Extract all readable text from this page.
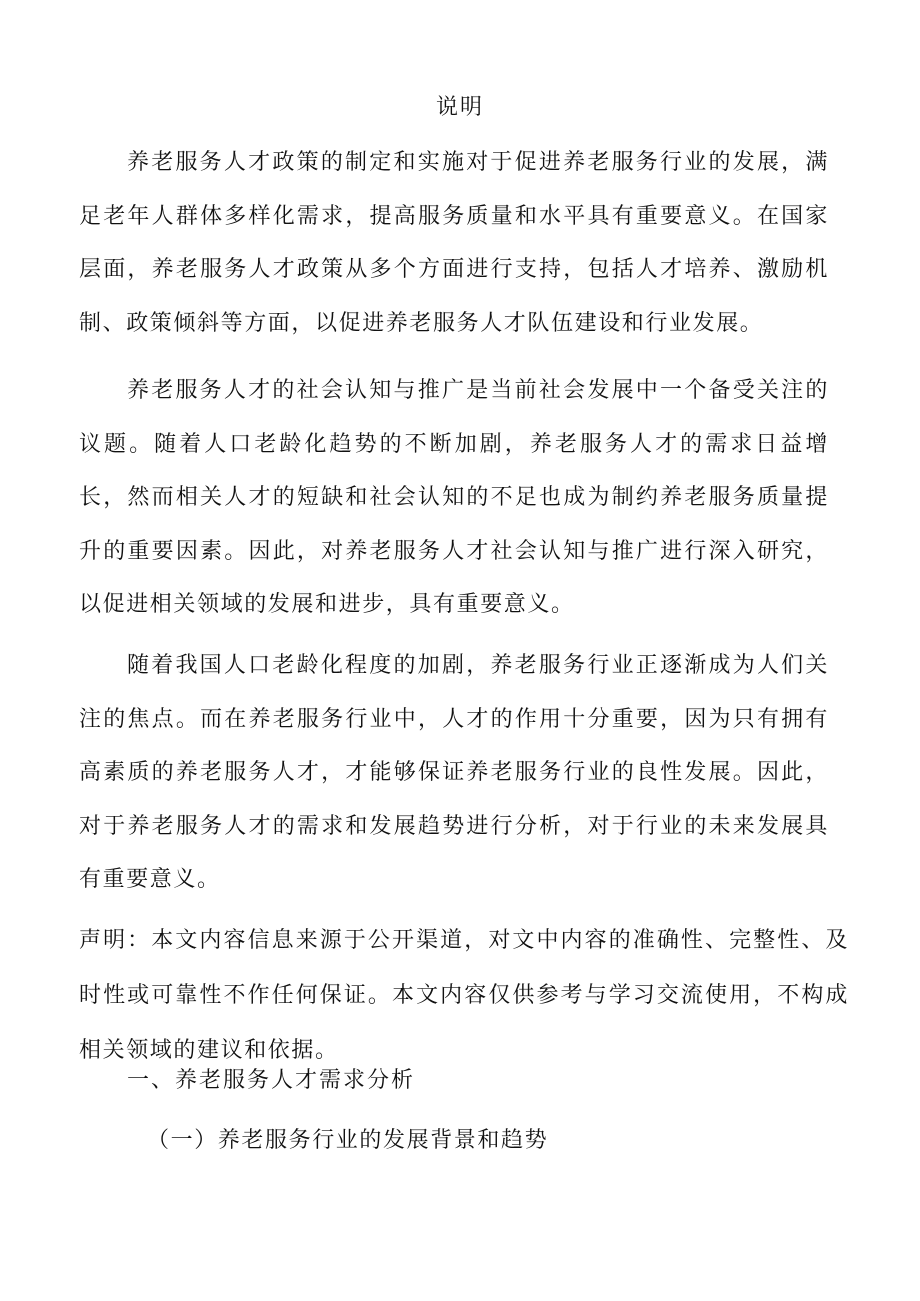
说明

养老服务人才政策的制定和实施对于促进养老服务行业的发展，满足老年人群体多样化需求，提高服务质量和水平具有重要意义。在国家层面，养老服务人才政策从多个方面进行支持，包括人才培养、激励机制、政策倾斜等方面，以促进养老服务人才队伍建设和行业发展。

养老服务人才的社会认知与推广是当前社会发展中一个备受关注的议题。随着人口老龄化趋势的不断加剧，养老服务人才的需求日益增长，然而相关人才的短缺和社会认知的不足也成为制约养老服务质量提升的重要因素。因此，对养老服务人才社会认知与推广进行深入研究，以促进相关领域的发展和进步，具有重要意义。

随着我国人口老龄化程度的加剧，养老服务行业正逐渐成为人们关注的焦点。而在养老服务行业中，人才的作用十分重要，因为只有拥有高素质的养老服务人才，才能够保证养老服务行业的良性发展。因此，对于养老服务人才的需求和发展趋势进行分析，对于行业的未来发展具有重要意义。

声明：本文内容信息来源于公开渠道，对文中内容的准确性、完整性、及时性或可靠性不作任何保证。本文内容仅供参考与学习交流使用，不构成相关领域的建议和依据。

一、养老服务人才需求分析
（一）养老服务行业的发展背景和趋势
